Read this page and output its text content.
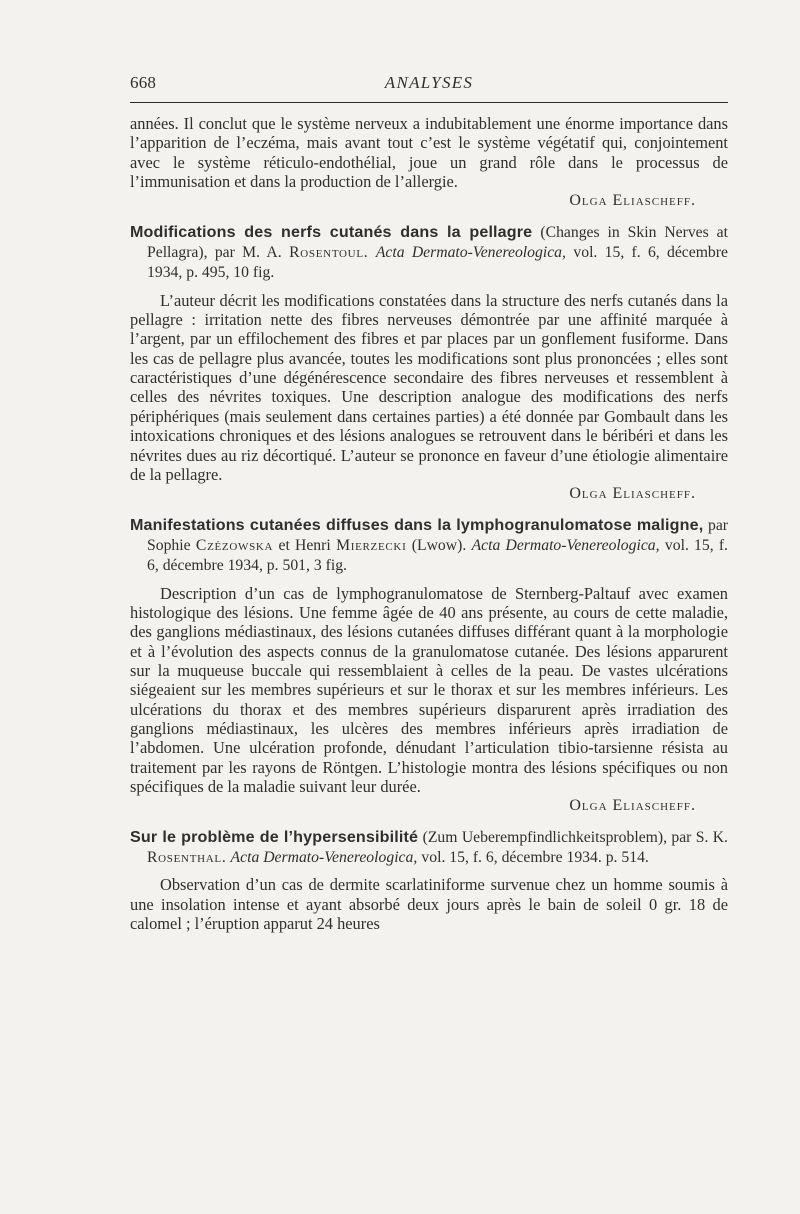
668	ANALYSES

années. Il conclut que le système nerveux a indubitablement une énorme importance dans l’apparition de l’eczéma, mais avant tout c’est le système végétatif qui, conjointement avec le système réticulo-endothélial, joue un grand rôle dans le processus de l’immunisation et dans la production de l’allergie.

Olga Eliascheff.

Modifications des nerfs cutanés dans la pellagre (Changes in Skin Nerves at Pellagra), par M. A. Rosentoul. Acta Dermato-Venereologica, vol. 15, f. 6, décembre 1934, p. 495, 10 fig.

L’auteur décrit les modifications constatées dans la structure des nerfs cutanés dans la pellagre : irritation nette des fibres nerveuses démontrée par une affinité marquée à l’argent, par un effilochement des fibres et par places par un gonflement fusiforme. Dans les cas de pellagre plus avancée, toutes les modifications sont plus prononcées ; elles sont caractéristiques d’une dégénérescence secondaire des fibres nerveuses et ressemblent à celles des névrites toxiques. Une description analogue des modifications des nerfs périphériques (mais seulement dans certaines parties) a été donnée par Gombault dans les intoxications chroniques et des lésions analogues se retrouvent dans le béribéri et dans les névrites dues au riz décortiqué. L’auteur se prononce en faveur d’une étiologie alimentaire de la pellagre.

Olga Eliascheff.

Manifestations cutanées diffuses dans la lymphogranulomatose maligne, par Sophie Czézowska et Henri Mierzecki (Lwow). Acta Dermato-Venereologica, vol. 15, f. 6, décembre 1934, p. 501, 3 fig.

Description d’un cas de lymphogranulomatose de Sternberg-Paltauf avec examen histologique des lésions. Une femme âgée de 40 ans présente, au cours de cette maladie, des ganglions médiastinaux, des lésions cutanées diffuses différant quant à la morphologie et à l’évolution des aspects connus de la granulomatose cutanée. Des lésions apparurent sur la muqueuse buccale qui ressemblaient à celles de la peau. De vastes ulcérations siégeaient sur les membres supérieurs et sur le thorax et sur les membres inférieurs. Les ulcérations du thorax et des membres supérieurs disparurent après irradiation des ganglions médiastinaux, les ulcères des membres inférieurs après irradiation de l’abdomen. Une ulcération profonde, dénudant l’articulation tibio-tarsienne résista au traitement par les rayons de Röntgen. L’histologie montra des lésions spécifiques ou non spécifiques de la maladie suivant leur durée.

Olga Eliascheff.

Sur le problème de l’hypersensibilité (Zum Ueberempfindlichkeitsproblem), par S. K. Rosenthal. Acta Dermato-Venereologica, vol. 15, f. 6, décembre 1934. p. 514.

Observation d’un cas de dermite scarlatiniforme survenue chez un homme soumis à une insolation intense et ayant absorbé deux jours après le bain de soleil 0 gr. 18 de calomel ; l’éruption apparut 24 heures
